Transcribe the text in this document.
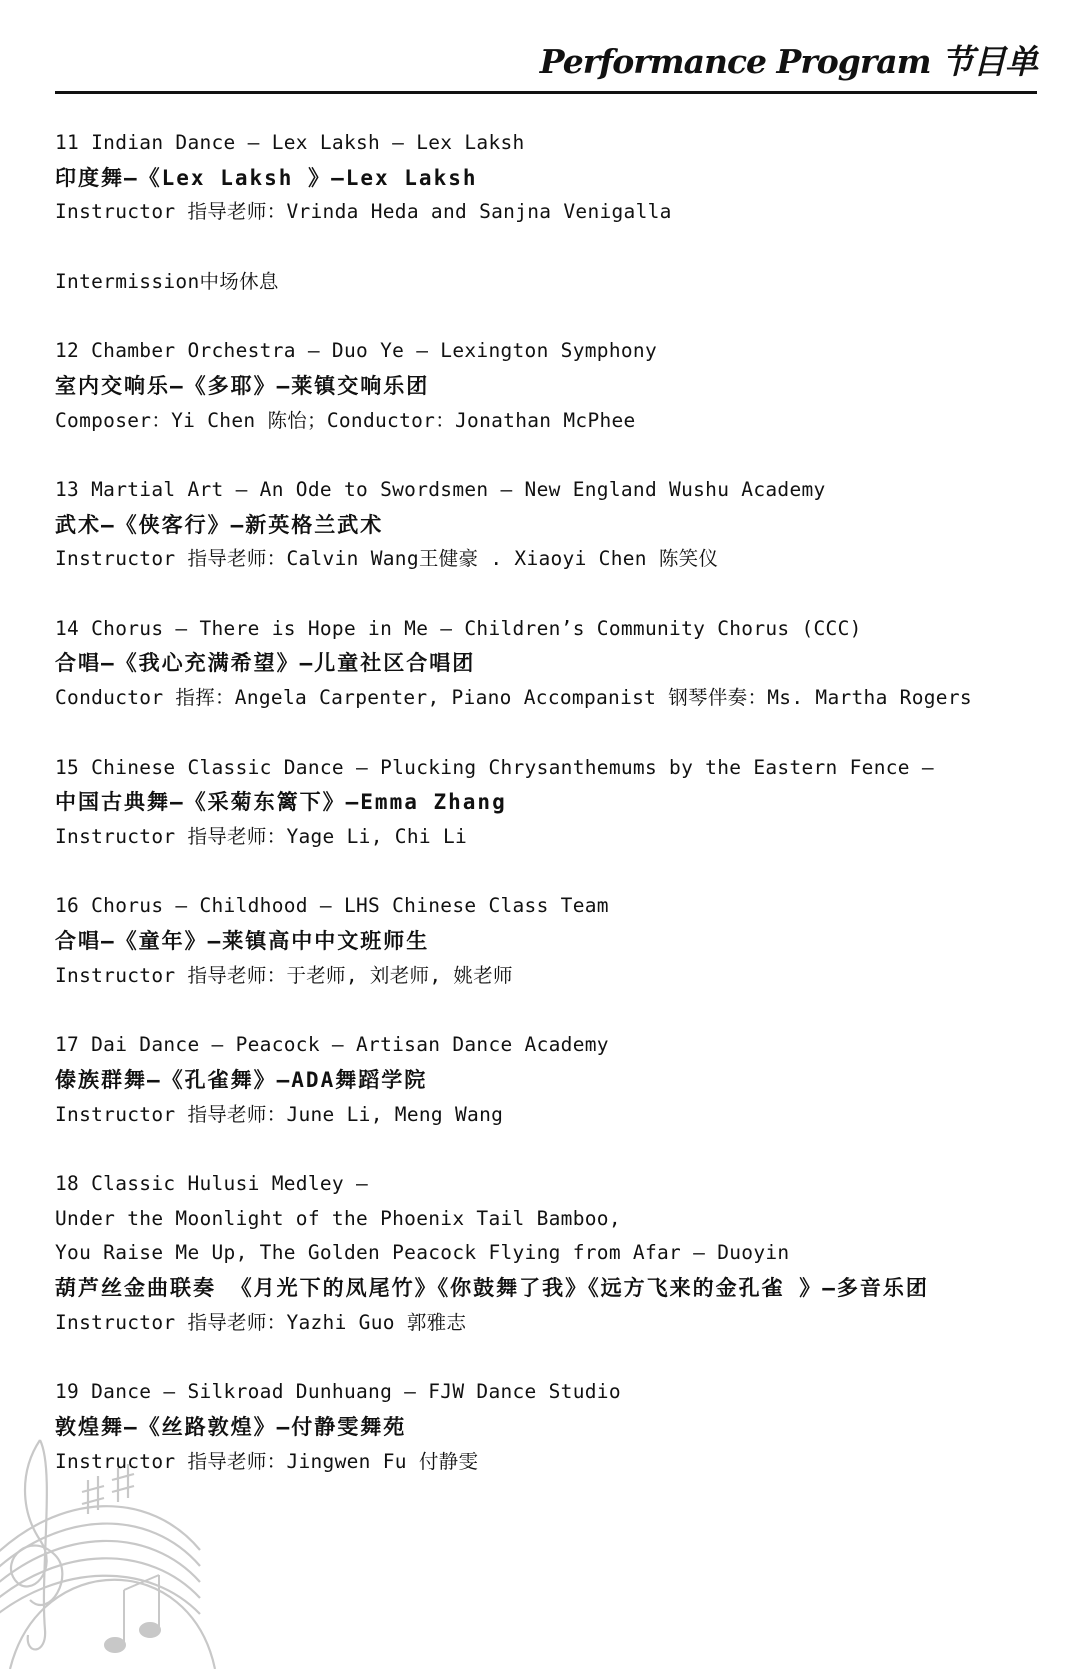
Performance Program 节目单
11 Indian Dance — Lex Laksh — Lex Laksh
印度舞—《Lex Laksh 》—Lex Laksh
Instructor 指导老师：Vrinda Heda and Sanjna Venigalla
Intermission中场休息
12 Chamber Orchestra — Duo Ye — Lexington Symphony
室内交响乐—《多耶》—莱镇交响乐团
Composer：Yi Chen 陈怡；Conductor：Jonathan McPhee
13 Martial Art — An Ode to Swordsmen — New England Wushu Academy
武术—《侠客行》—新英格兰武术
Instructor 指导老师：Calvin Wang王健豪 . Xiaoyi Chen 陈笑仪
14 Chorus — There is Hope in Me — Children’s Community Chorus (CCC)
合唱—《我心充满希望》—儿童社区合唱团
Conductor 指挥：Angela Carpenter, Piano Accompanist 钢琴伴奏：Ms. Martha Rogers
15 Chinese Classic Dance — Plucking Chrysanthemums by the Eastern Fence —
中国古典舞—《采菊东篱下》—Emma Zhang
Instructor 指导老师：Yage Li, Chi Li
16 Chorus — Childhood — LHS Chinese Class Team
合唱—《童年》—莱镇高中中文班师生
Instructor 指导老师：于老师, 刘老师, 姚老师
17 Dai Dance — Peacock — Artisan Dance Academy
傣族群舞—《孔雀舞》—ADA舞蹈学院
Instructor 指导老师：June Li, Meng Wang
18 Classic Hulusi Medley —
Under the Moonlight of the Phoenix Tail Bamboo,
You Raise Me Up, The Golden Peacock Flying from Afar — Duoyin
葫芦丝金曲联奏 《月光下的凤尾竹》《你鼓舞了我》《远方飞来的金孔雀 》—多音乐团
Instructor 指导老师：Yazhi Guo 郭雅志
19 Dance — Silkroad Dunhuang — FJW Dance Studio
敦煌舞—《丝路敦煌》—付静雯舞苑
Instructor 指导老师：Jingwen Fu 付静雯
